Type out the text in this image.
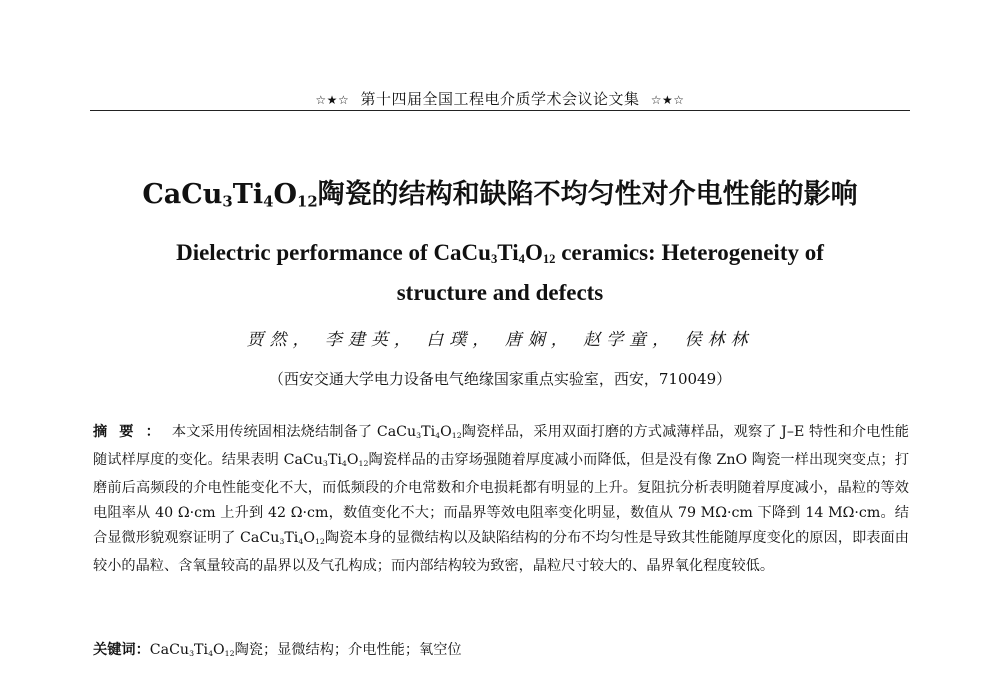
☆★☆ 第十四届全国工程电介质学术会议论文集 ☆★☆
$CaCu_3Ti_4O_{12}$陶瓷的结构和缺陷不均匀性对介电性能的影响
Dielectric performance of $CaCu_3Ti_4O_{12}$ ceramics: Heterogeneity of
structure and defects
贾然， 李建英， 白璞， 唐娴， 赵学童， 侯林林
（西安交通大学电力设备电气绝缘国家重点实验室，西安，710049）
摘要：本文采用传统固相法烧结制备了 $CaCu_3Ti_4O_{12}$陶瓷样品，采用双面打磨的方式减薄样品，观察了 J–E 特性和介电性能随试样厚度的变化。结果表明 $CaCu_3Ti_4O_{12}$陶瓷样品的击穿场强随着厚度减小而降低，但是没有像 ZnO 陶瓷一样出现突变点；打磨前后高频段的介电性能变化不大，而低频段的介电常数和介电损耗都有明显的上升。复阻抗分析表明随着厚度减小，晶粒的等效电阻率从 40 Ω·cm 上升到 42 Ω·cm，数值变化不大；而晶界等效电阻率变化明显，数值从 79 MΩ·cm 下降到 14 MΩ·cm。结合显微形貌观察证明了 $CaCu_3Ti_4O_{12}$陶瓷本身的显微结构以及缺陷结构的分布不均匀性是导致其性能随厚度变化的原因，即表面由较小的晶粒、含氧量较高的晶界以及气孔构成；而内部结构较为致密，晶粒尺寸较大的、晶界氧化程度较低。
关键词：$CaCu_3Ti_4O_{12}$陶瓷；显微结构；介电性能；氧空位
